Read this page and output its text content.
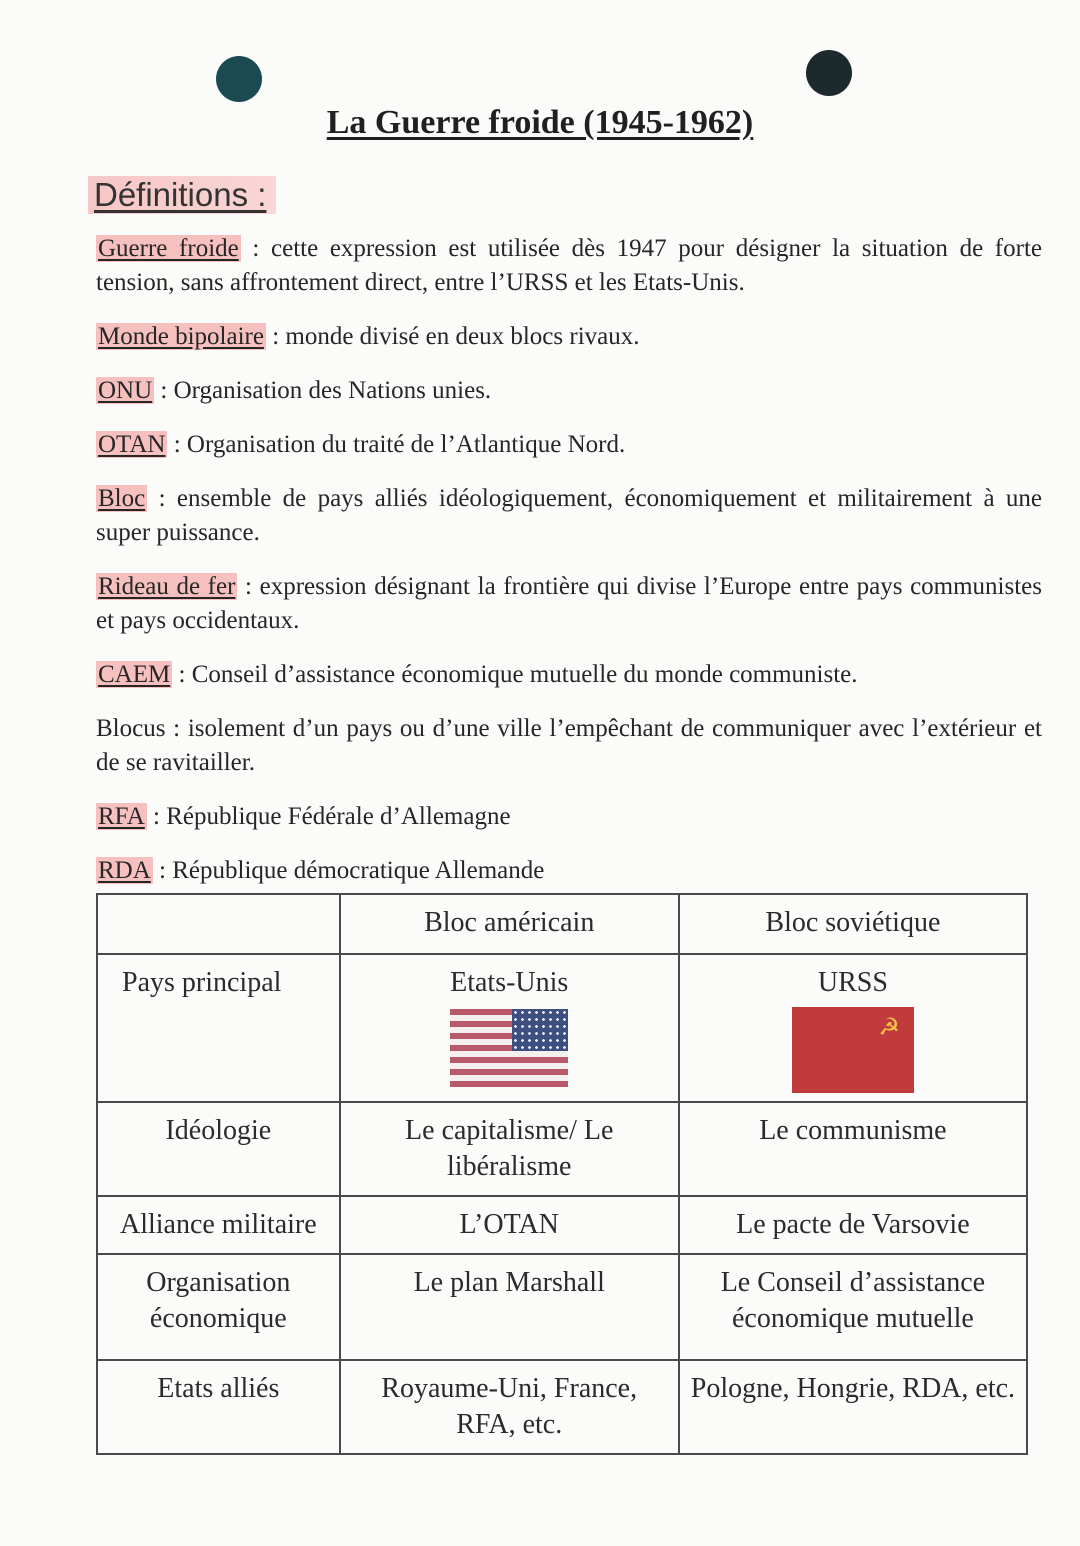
La Guerre froide (1945-1962)
Définitions :

Guerre froide : cette expression est utilisée dès 1947 pour désigner la situation de forte tension, sans affrontement direct, entre l’URSS et les Etats-Unis.

Monde bipolaire : monde divisé en deux blocs rivaux.

ONU : Organisation des Nations unies.

OTAN : Organisation du traité de l’Atlantique Nord.

Bloc : ensemble de pays alliés idéologiquement, économiquement et militairement à une super puissance.

Rideau de fer : expression désignant la frontière qui divise l’Europe entre pays communistes et pays occidentaux.

CAEM : Conseil d’assistance économique mutuelle du monde communiste.

Blocus : isolement d’un pays ou d’une ville l’empêchant de communiquer avec l’extérieur et de se ravitailler.

RFA : République Fédérale d’Allemagne

RDA : République démocratique Allemande

	Bloc américain	Bloc soviétique
Pays principal	Etats-Unis	URSS
☭

Idéologie	Le capitalisme/ Le libéralisme	Le communisme
Alliance militaire	L’OTAN	Le pacte de Varsovie
Organisation économique	Le plan Marshall	Le Conseil d’assistance économique mutuelle
Etats alliés	Royaume-Uni, France, RFA, etc.	Pologne, Hongrie, RDA, etc.
